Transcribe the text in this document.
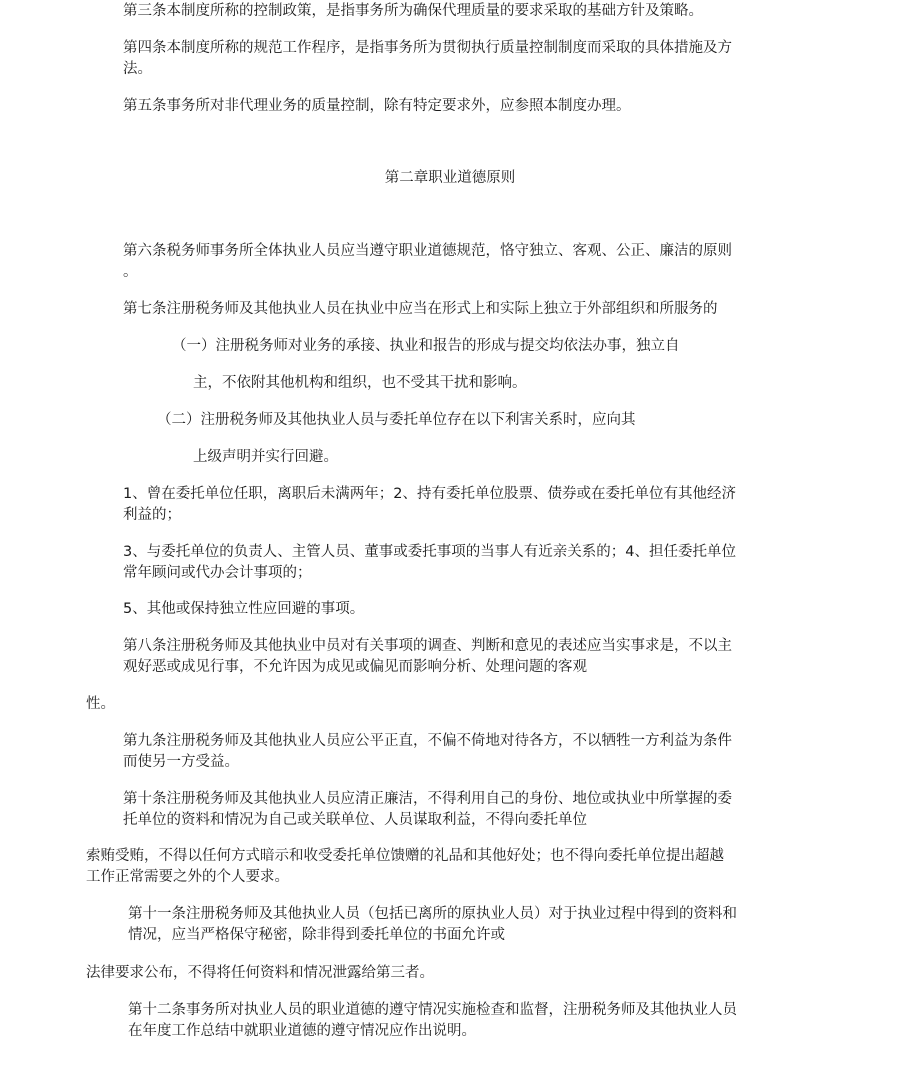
第三条本制度所称的控制政策，是指事务所为确保代理质量的要求采取的基础方针及策略。

第四条本制度所称的规范工作程序，是指事务所为贯彻执行质量控制制度而采取的具体措施及方
法。

第五条事务所对非代理业务的质量控制，除有特定要求外，应参照本制度办理。

第二章职业道德原则

第六条税务师事务所全体执业人员应当遵守职业道德规范，恪守独立、客观、公正、廉洁的原则
。

第七条注册税务师及其他执业人员在执业中应当在形式上和实际上独立于外部组织和所服务的

（一）注册税务师对业务的承接、执业和报告的形成与提交均依法办事，独立自

主，不依附其他机构和组织，也不受其干扰和影响。

（二）注册税务师及其他执业人员与委托单位存在以下利害关系时，应向其

上级声明并实行回避。

1、曾在委托单位任职，离职后未满两年；2、持有委托单位股票、债券或在委托单位有其他经济
利益的；

3、与委托单位的负责人、主管人员、董事或委托事项的当事人有近亲关系的；4、担任委托单位
常年顾问或代办会计事项的；

5、其他或保持独立性应回避的事项。

第八条注册税务师及其他执业中员对有关事项的调查、判断和意见的表述应当实事求是，不以主
观好恶或成见行事，不允许因为成见或偏见而影响分析、处理问题的客观

性。

第九条注册税务师及其他执业人员应公平正直，不偏不倚地对待各方，不以牺牲一方利益为条件
而使另一方受益。

第十条注册税务师及其他执业人员应清正廉洁，不得利用自己的身份、地位或执业中所掌握的委
托单位的资料和情况为自己或关联单位、人员谋取利益，不得向委托单位

索贿受贿，不得以任何方式暗示和收受委托单位馈赠的礼品和其他好处；也不得向委托单位提出超越
工作正常需要之外的个人要求。

第十一条注册税务师及其他执业人员（包括已离所的原执业人员）对于执业过程中得到的资料和
情况，应当严格保守秘密，除非得到委托单位的书面允许或

法律要求公布，不得将任何资料和情况泄露给第三者。

第十二条事务所对执业人员的职业道德的遵守情况实施检查和监督，注册税务师及其他执业人员
在年度工作总结中就职业道德的遵守情况应作出说明。
